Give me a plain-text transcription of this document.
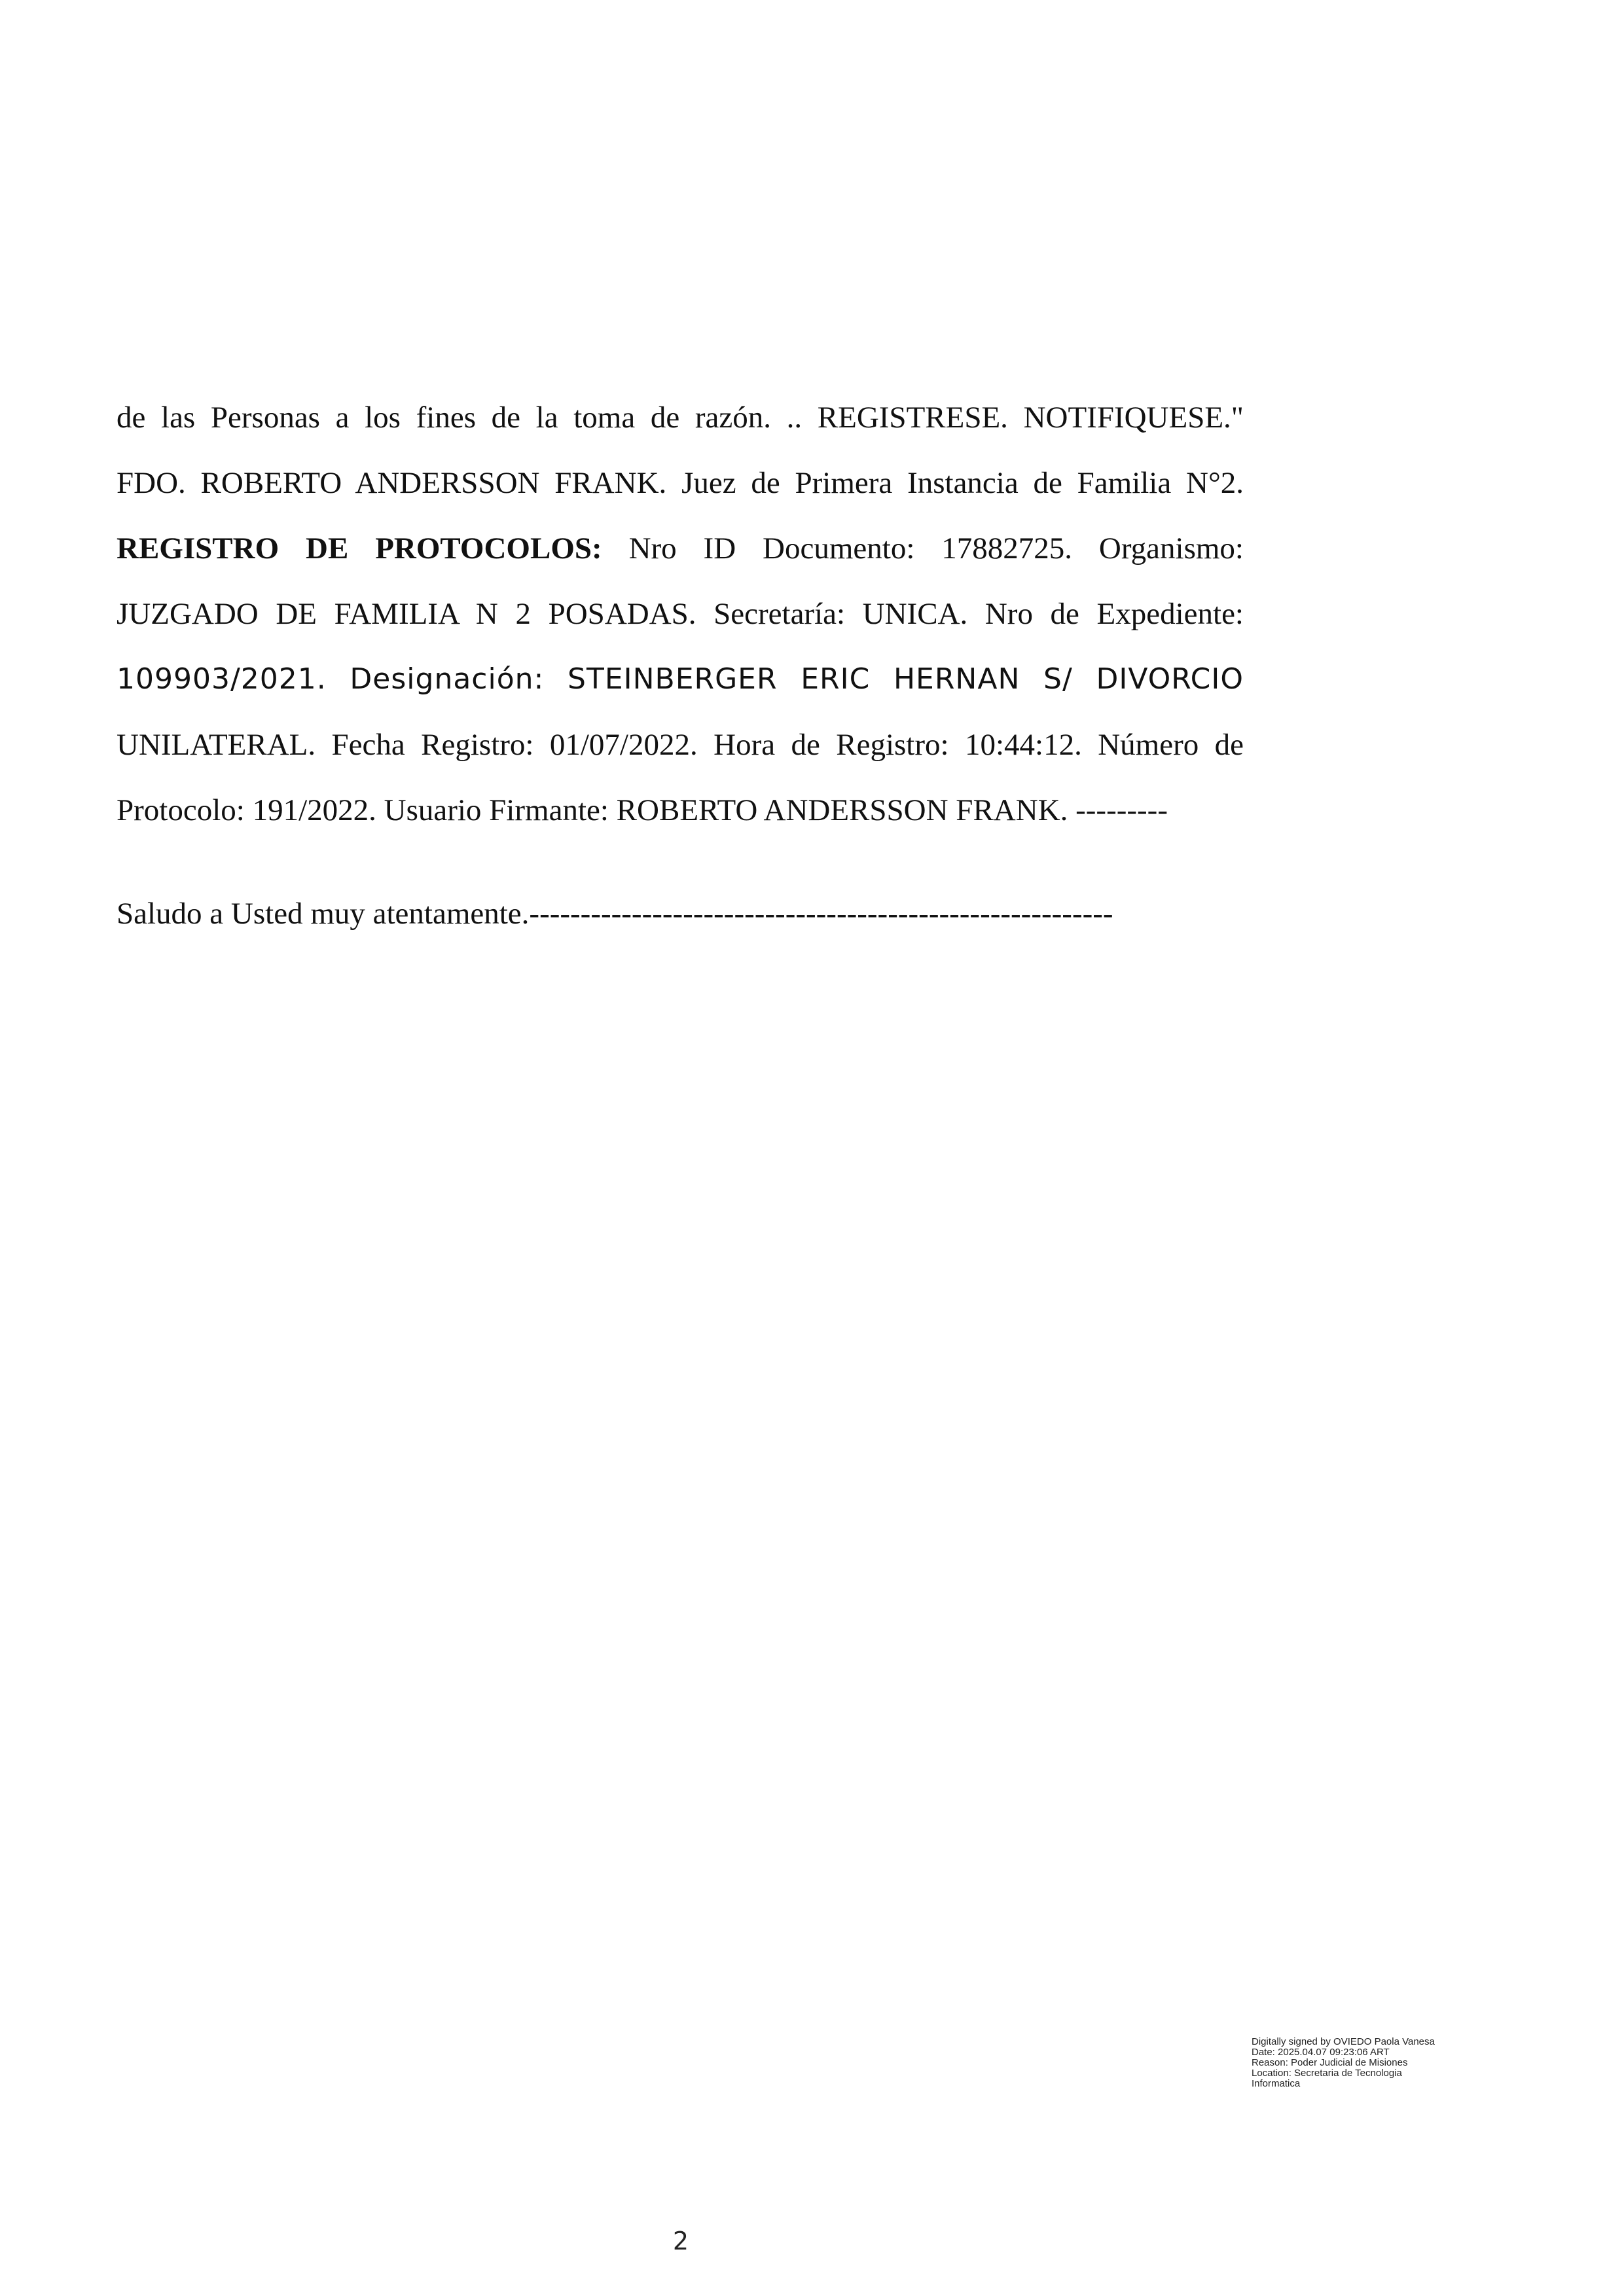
de las Personas a los fines de la toma de razón. .. REGISTRESE. NOTIFIQUESE."
FDO. ROBERTO ANDERSSON FRANK. Juez de Primera Instancia de Familia N°2.
REGISTRO DE PROTOCOLOS: Nro ID Documento: 17882725. Organismo:
JUZGADO DE FAMILIA N 2 POSADAS. Secretaría: UNICA. Nro de Expediente:
109903/2021. Designación: STEINBERGER ERIC HERNAN S/ DIVORCIO
UNILATERAL. Fecha Registro: 01/07/2022. Hora de Registro: 10:44:12. Número de
Protocolo: 191/2022. Usuario Firmante: ROBERTO ANDERSSON FRANK. ---------
Saludo a Usted muy atentamente.---------------------------------------------------------
Digitally signed by OVIEDO Paola Vanesa
Date: 2025.04.07 09:23:06 ART
Reason: Poder Judicial de Misiones
Location: Secretaria de Tecnologia
Informatica
2
